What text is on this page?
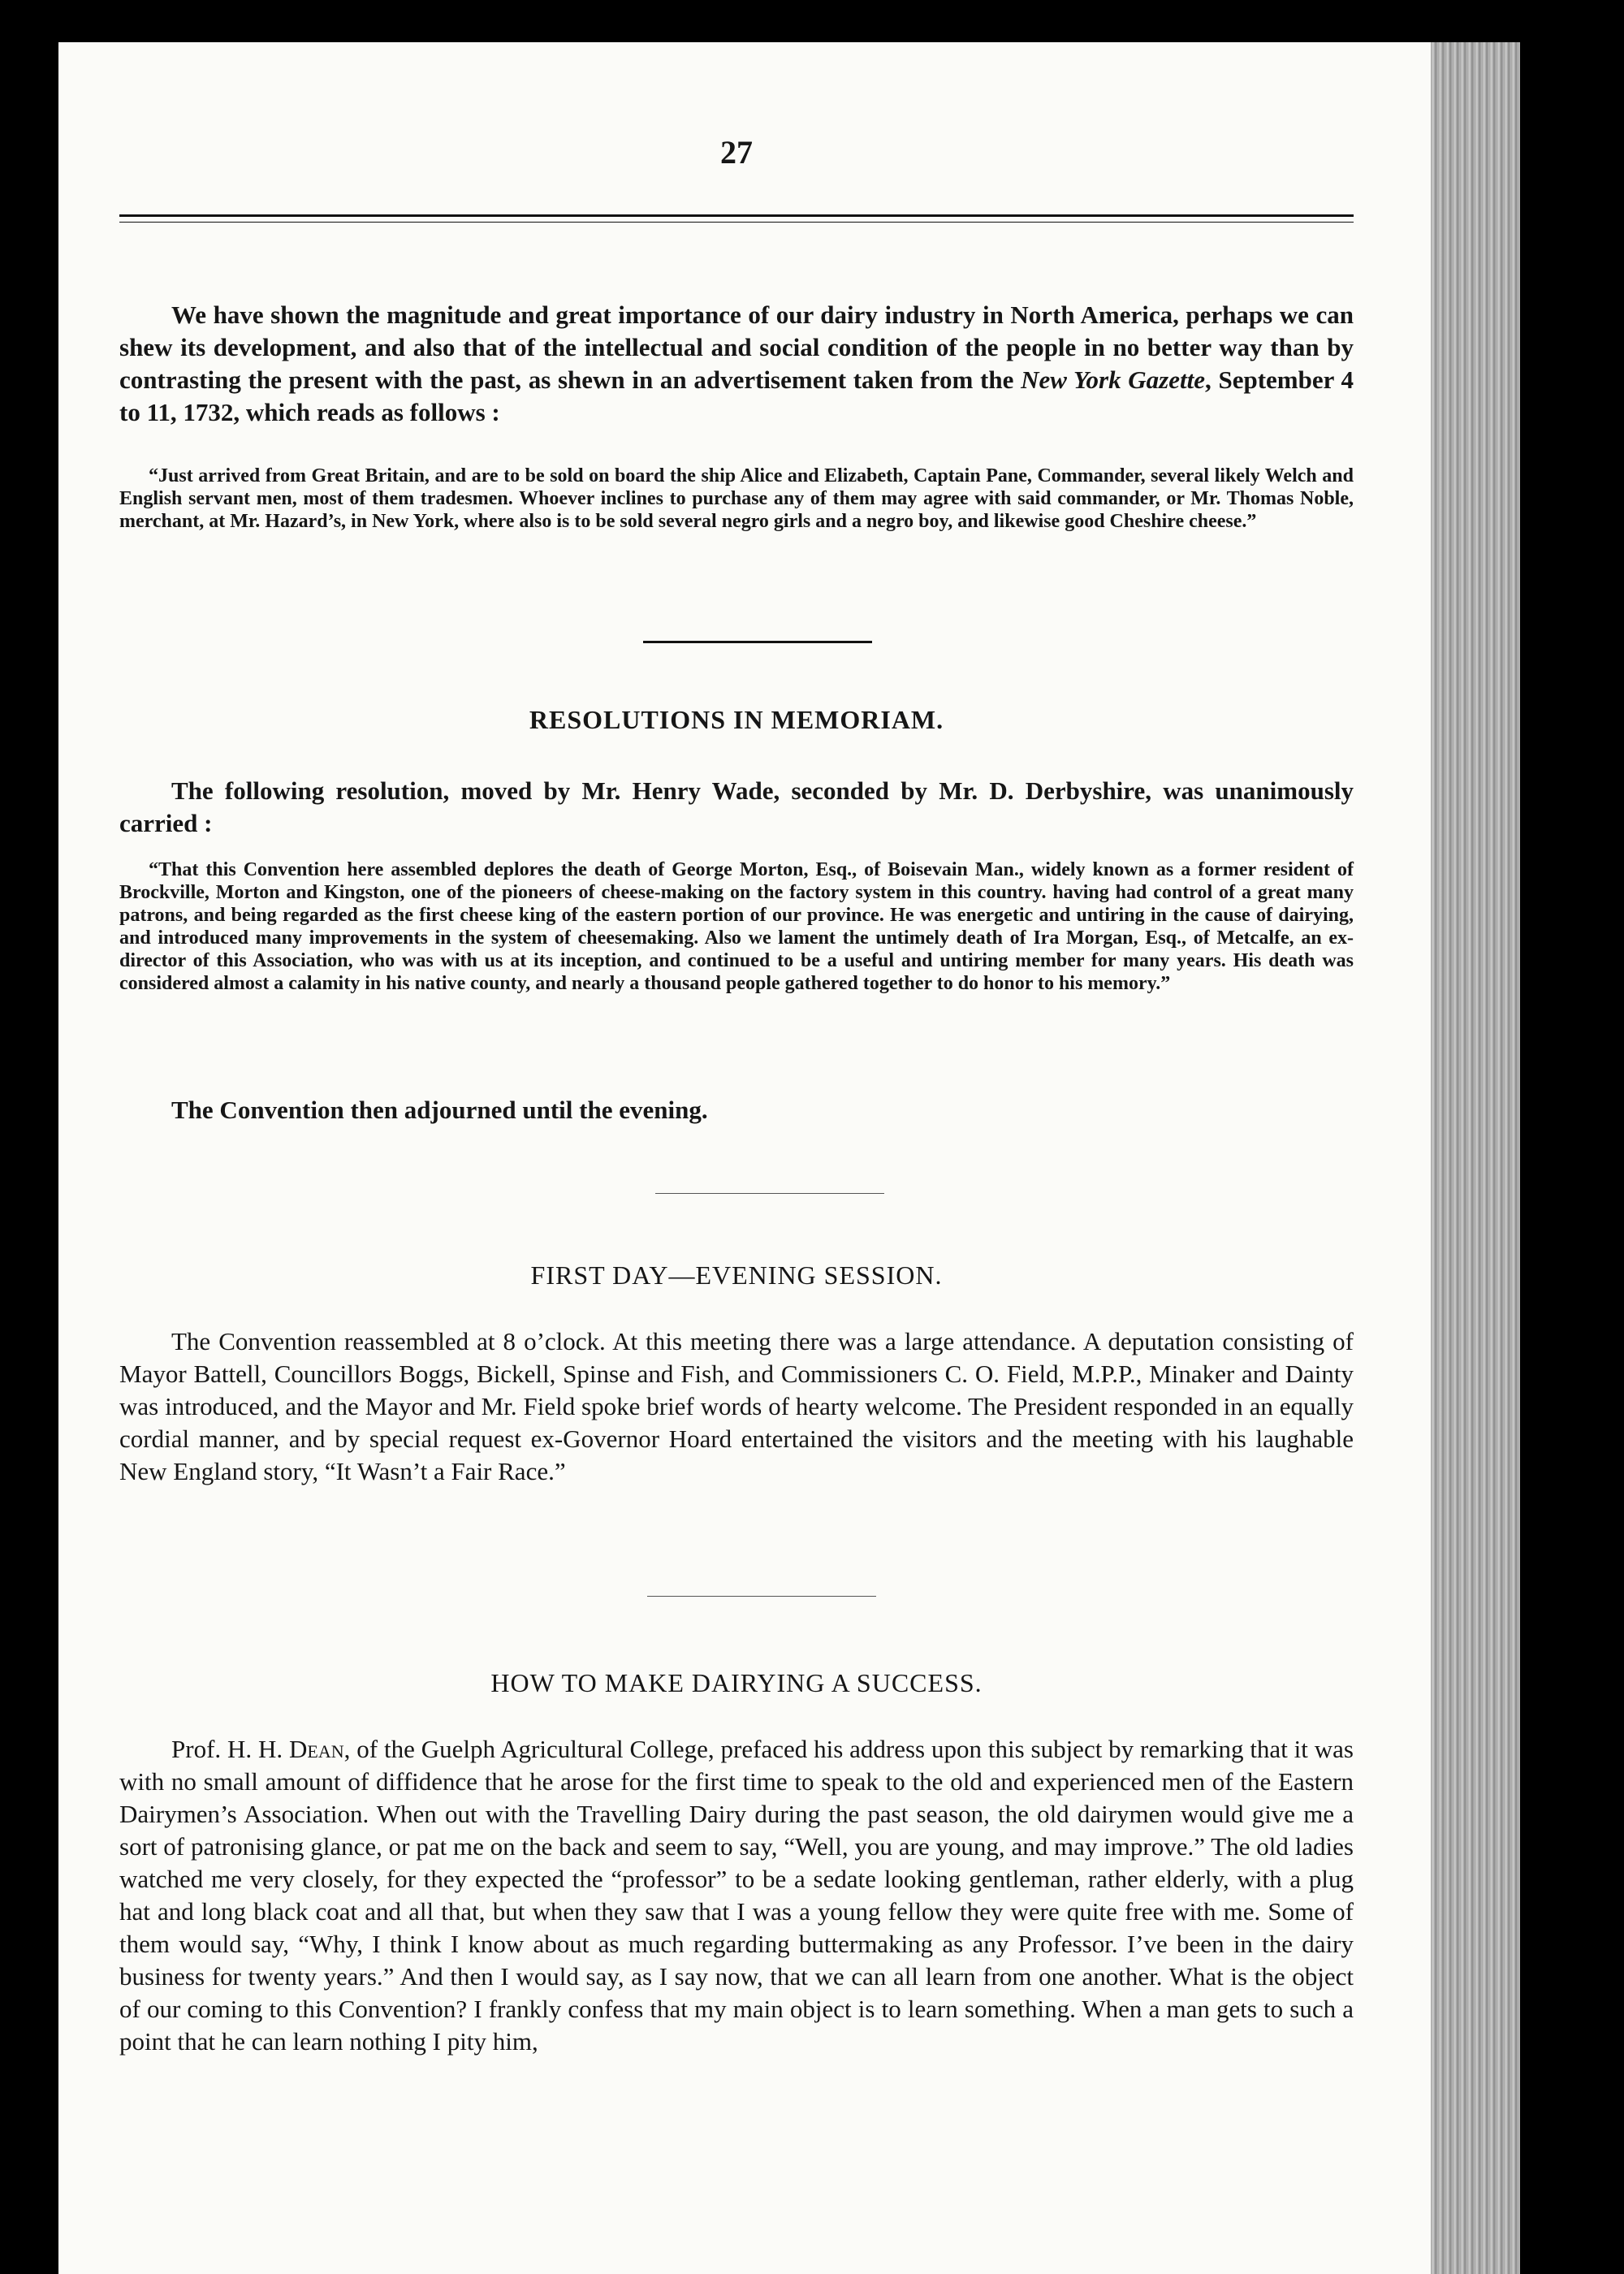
27

We have shown the magnitude and great importance of our dairy industry in North America, perhaps we can shew its development, and also that of the intellectual and social condition of the people in no better way than by contrasting the present with the past, as shewn in an advertisement taken from the New York Gazette, September 4 to 11, 1732, which reads as follows :

“Just arrived from Great Britain, and are to be sold on board the ship Alice and Elizabeth, Captain Pane, Commander, several likely Welch and English servant men, most of them tradesmen. Whoever inclines to purchase any of them may agree with said commander, or Mr. Thomas Noble, merchant, at Mr. Hazard’s, in New York, where also is to be sold several negro girls and a negro boy, and likewise good Cheshire cheese.”

RESOLUTIONS IN MEMORIAM.

The following resolution, moved by Mr. Henry Wade, seconded by Mr. D. Derbyshire, was unanimously carried :

“That this Convention here assembled deplores the death of George Morton, Esq., of Boisevain Man., widely known as a former resident of Brockville, Morton and Kingston, one of the pioneers of cheese-making on the factory system in this country. having had control of a great many patrons, and being regarded as the first cheese king of the eastern portion of our province. He was energetic and untiring in the cause of dairying, and introduced many improvements in the system of cheesemaking. Also we lament the untimely death of Ira Morgan, Esq., of Metcalfe, an ex-director of this Association, who was with us at its inception, and continued to be a useful and untiring member for many years. His death was considered almost a calamity in his native county, and nearly a thousand people gathered together to do honor to his memory.”

The Convention then adjourned until the evening.

FIRST DAY—EVENING SESSION.

The Convention reassembled at 8 o’clock. At this meeting there was a large attendance. A deputation consisting of Mayor Battell, Councillors Boggs, Bickell, Spinse and Fish, and Commissioners C. O. Field, M.P.P., Minaker and Dainty was introduced, and the Mayor and Mr. Field spoke brief words of hearty welcome. The President responded in an equally cordial manner, and by special request ex-Governor Hoard entertained the visitors and the meeting with his laughable New England story, “It Wasn’t a Fair Race.”

HOW TO MAKE DAIRYING A SUCCESS.

Prof. H. H. Dean, of the Guelph Agricultural College, prefaced his address upon this subject by remarking that it was with no small amount of diffidence that he arose for the first time to speak to the old and experienced men of the Eastern Dairymen’s Association. When out with the Travelling Dairy during the past season, the old dairymen would give me a sort of patronising glance, or pat me on the back and seem to say, “Well, you are young, and may improve.” The old ladies watched me very closely, for they expected the “professor” to be a sedate looking gentleman, rather elderly, with a plug hat and long black coat and all that, but when they saw that I was a young fellow they were quite free with me. Some of them would say, “Why, I think I know about as much regarding buttermaking as any Professor. I’ve been in the dairy business for twenty years.” And then I would say, as I say now, that we can all learn from one another. What is the object of our coming to this Convention? I frankly confess that my main object is to learn something. When a man gets to such a point that he can learn nothing I pity him,
